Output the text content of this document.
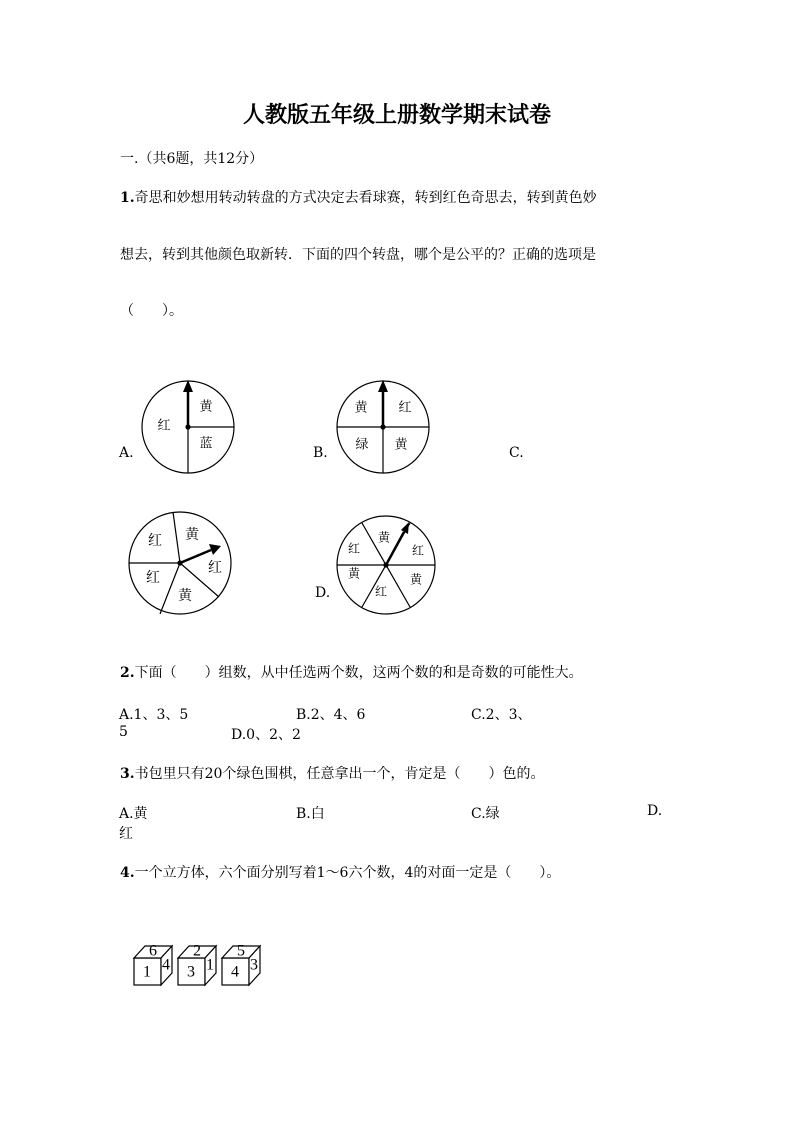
人教版五年级上册数学期末试卷
一.（共6题，共12分）
1.奇思和妙想用转动转盘的方式决定去看球赛，转到红色奇思去，转到黄色妙
想去，转到其他颜色取新转．下面的四个转盘，哪个是公平的？正确的选项是
（　　）。
A.	B.	C.
D.
黄
红
蓝
黄 红
绿 黄
黄
红
红
红
黄
黄
红	红
黄	黄
红
2.下面（　　）组数，从中任选两个数，这两个数的和是奇数的可能性大。
A.1、3、5	B.2、4、6	C.2、3、
5	D.0、2、2
3.书包里只有20个绿色围棋，任意拿出一个，肯定是（　　）色的。
A.黄	B.白	C.绿	D.
红
4.一个立方体，六个面分别写着1～6六个数，4的对面一定是（　　）。
6
1 4
2
3 1
5
4 3
